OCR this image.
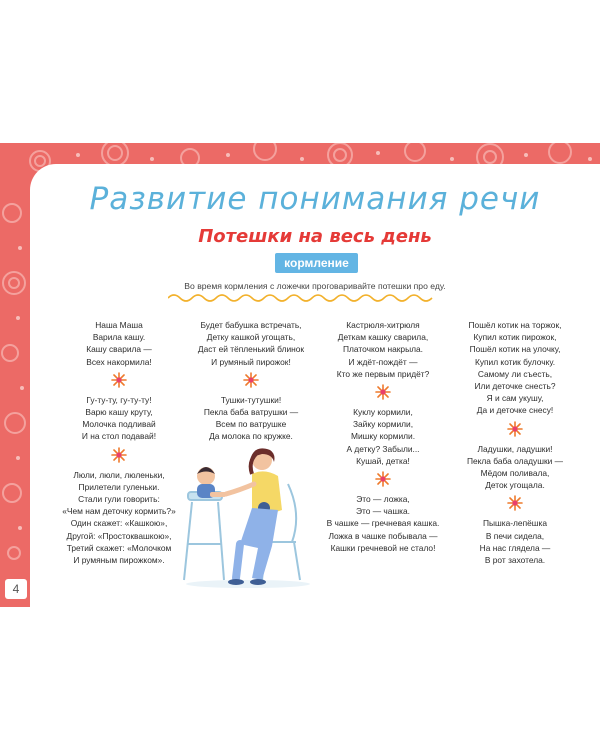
4
Развитие понимания речи
Потешки на весь день
кормление
Во время кормления с ложечки проговаривайте потешки про еду.
Наша Маша
Варила кашу.
Кашу сварила —
Всех накормила!
Гу-ту-ту, гу-ту-ту!
Варю кашу круту,
Молочка подливай
И на стол подавай!
Люли, люли, люленьки,
Прилетели гуленьки.
Стали гули говорить:
«Чем нам деточку кормить?»
Один скажет: «Кашкою»,
Другой: «Простоквашкою»,
Третий скажет: «Молочком
И румяным пирожком».
Будет бабушка встречать,
Детку кашкой угощать,
Даст ей тёпленький блинок
И румяный пирожок!
Тушки-тутушки!
Пекла баба ватрушки —
Всем по ватрушке
Да молока по кружке.
Кастрюля-хитрюля
Деткам кашку сварила,
Платочком накрыла.
И ждёт-пождёт —
Кто же первым придёт?
Куклу кормили,
Зайку кормили,
Мишку кормили.
А детку? Забыли...
Кушай, детка!
Это — ложка,
Это — чашка.
В чашке — гречневая кашка.
Ложка в чашке побывала —
Кашки гречневой не стало!
Пошёл котик на торжок,
Купил котик пирожок,
Пошёл котик на улочку,
Купил котик булочку.
Самому ли съесть,
Или деточке снесть?
Я и сам укушу,
Да и деточке снесу!
Ладушки, ладушки!
Пекла баба оладушки —
Мёдом поливала,
Деток угощала.
Пышка-лепёшка
В печи сидела,
На нас глядела —
В рот захотела.
